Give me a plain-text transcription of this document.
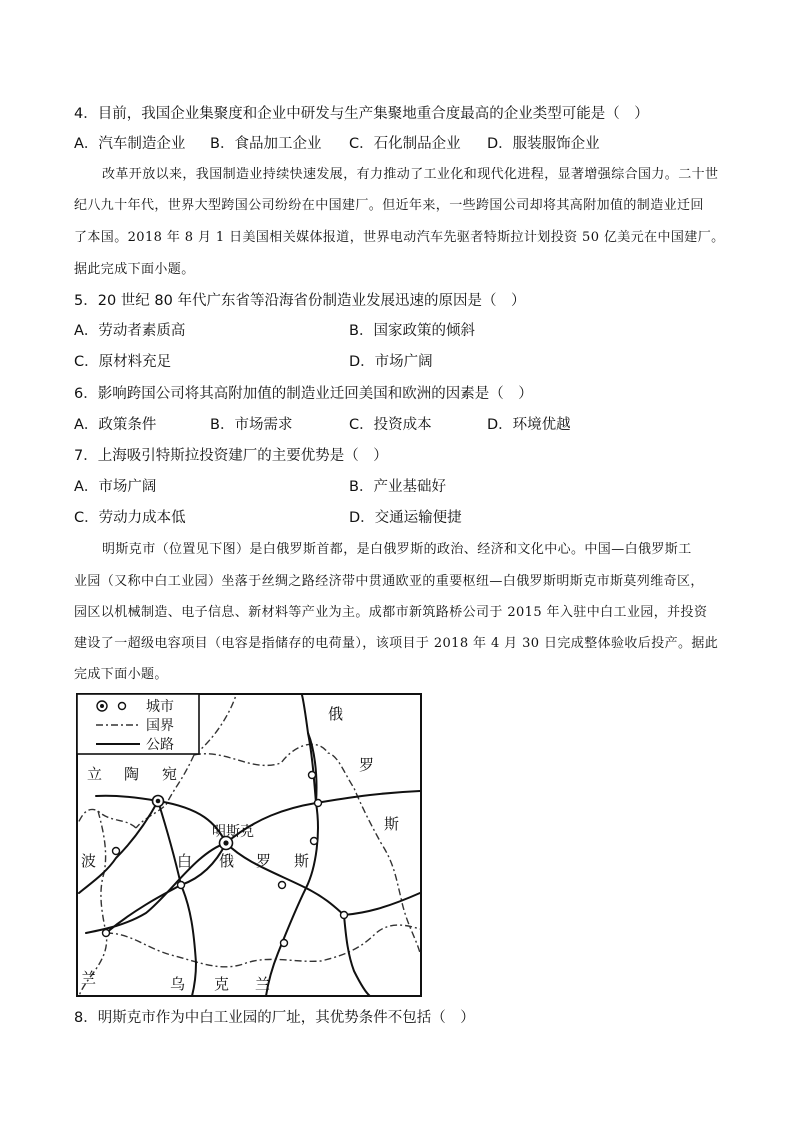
4．目前，我国企业集聚度和企业中研发与生产集聚地重合度最高的企业类型可能是（　）
A．汽车制造企业 B．食品加工企业 C．石化制品企业 D．服装服饰企业
改革开放以来，我国制造业持续快速发展，有力推动了工业化和现代化进程，显著增强综合国力。二十世
纪八九十年代，世界大型跨国公司纷纷在中国建厂。但近年来，一些跨国公司却将其高附加值的制造业迁回
了本国。2018 年 8 月 1 日美国相关媒体报道，世界电动汽车先驱者特斯拉计划投资 50 亿美元在中国建厂。
据此完成下面小题。
5．20 世纪 80 年代广东省等沿海省份制造业发展迅速的原因是（　）
A．劳动者素质高	B．国家政策的倾斜
C．原材料充足	D．市场广阔
6．影响跨国公司将其高附加值的制造业迁回美国和欧洲的因素是（　）
A．政策条件	B．市场需求	C．投资成本	D．环境优越
7．上海吸引特斯拉投资建厂的主要优势是（　）
A．市场广阔	B．产业基础好
C．劳动力成本低	D．交通运输便捷
明斯克市（位置见下图）是白俄罗斯首都，是白俄罗斯的政治、经济和文化中心。中国—白俄罗斯工
业园（又称中白工业园）坐落于丝绸之路经济带中贯通欧亚的重要枢纽—白俄罗斯明斯克市斯莫列维奇区，
园区以机械制造、电子信息、新材料等产业为主。成都市新筑路桥公司于 2015 年入驻中白工业园，并投资
建设了一超级电容项目（电容是指储存的电荷量），该项目于 2018 年 4 月 30 日完成整体验收后投产。据此
完成下面小题。
城市
国界
公路
俄
罗
斯
立 陶 宛
波
兰
白 俄 罗 斯
明斯克
乌 克 兰
8．明斯克市作为中白工业园的厂址，其优势条件不包括（　）
